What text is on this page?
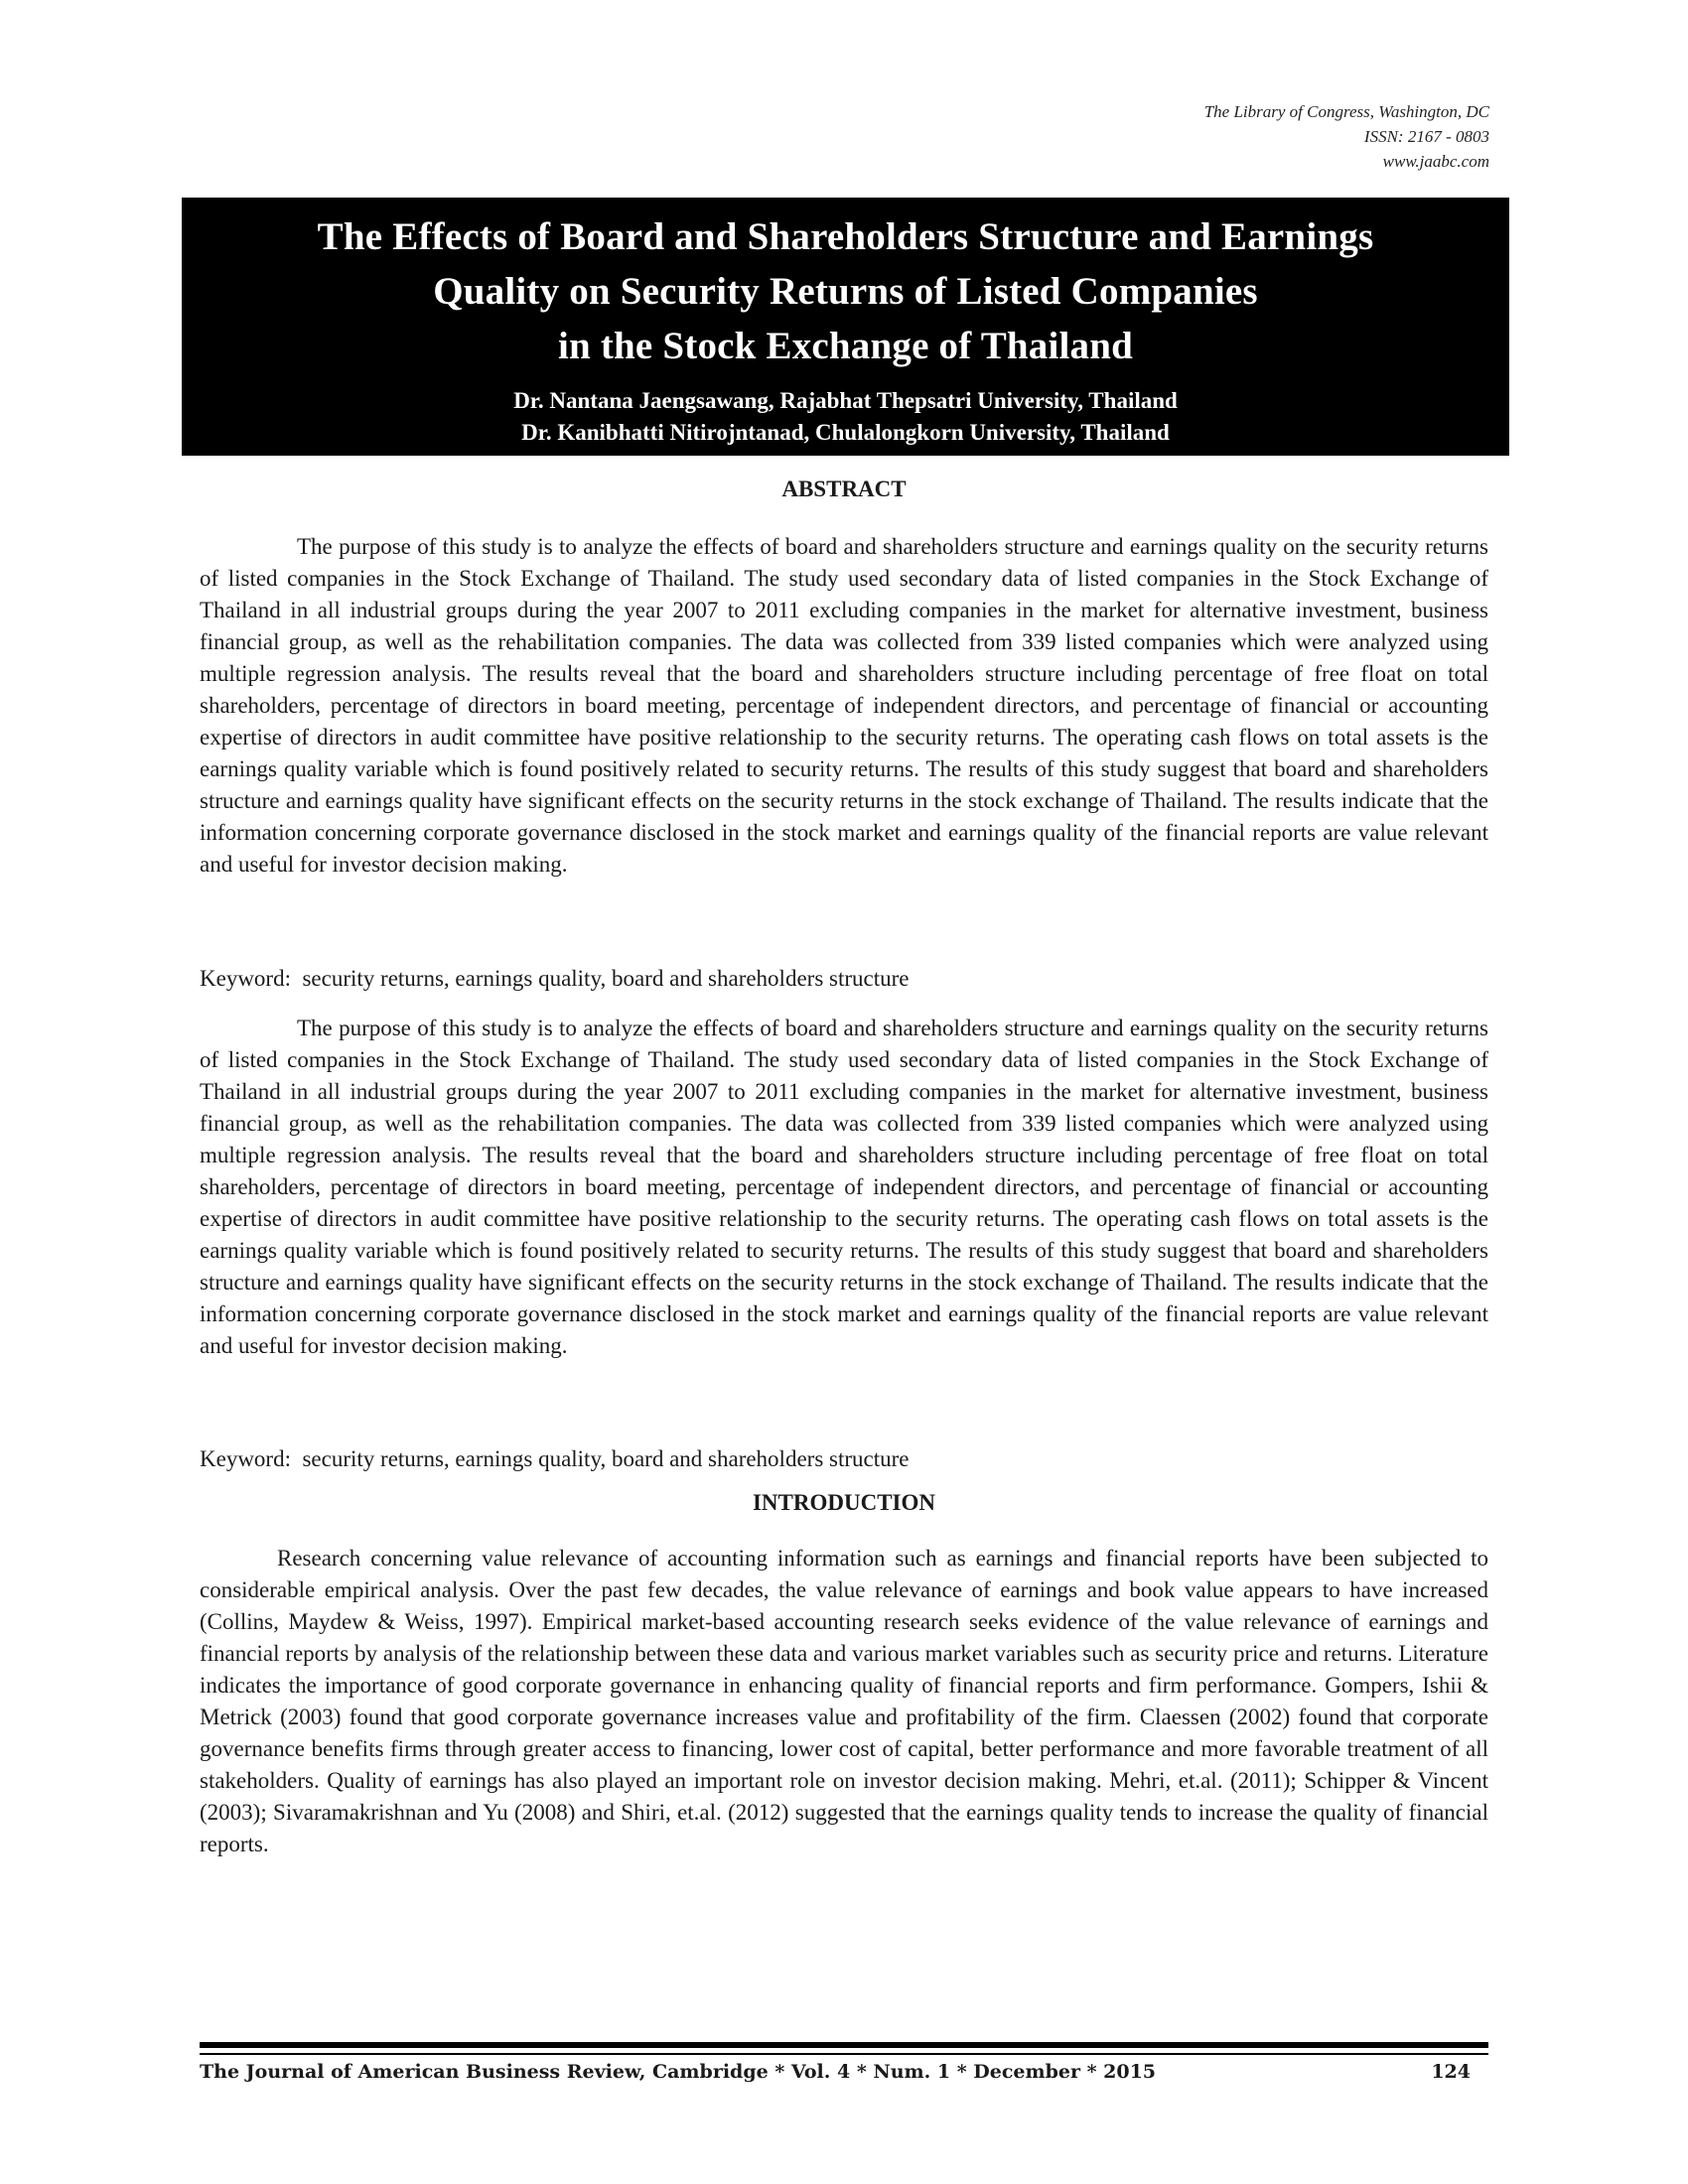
The Library of Congress, Washington, DC
ISSN: 2167 - 0803
www.jaabc.com
The Effects of Board and Shareholders Structure and Earnings
Quality on Security Returns of Listed Companies
in the Stock Exchange of Thailand
Dr. Nantana Jaengsawang, Rajabhat Thepsatri University, Thailand
Dr. Kanibhatti Nitirojntanad, Chulalongkorn University, Thailand
ABSTRACT

The purpose of this study is to analyze the effects of board and shareholders structure and earnings quality on the security returns of listed companies in the Stock Exchange of Thailand. The study used secondary data of listed companies in the Stock Exchange of Thailand in all industrial groups during the year 2007 to 2011 excluding companies in the market for alternative investment, business financial group, as well as the rehabilitation companies. The data was collected from 339 listed companies which were analyzed using multiple regression analysis. The results reveal that the board and shareholders structure including percentage of free float on total shareholders, percentage of directors in board meeting, percentage of independent directors, and percentage of financial or accounting expertise of directors in audit committee have positive relationship to the security returns. The operating cash flows on total assets is the earnings quality variable which is found positively related to security returns. The results of this study suggest that board and shareholders structure and earnings quality have significant effects on the security returns in the stock exchange of Thailand. The results indicate that the information concerning corporate governance disclosed in the stock market and earnings quality of the financial reports are value relevant and useful for investor decision making.

Keyword:  security returns, earnings quality, board and shareholders structure

The purpose of this study is to analyze the effects of board and shareholders structure and earnings quality on the security returns of listed companies in the Stock Exchange of Thailand. The study used secondary data of listed companies in the Stock Exchange of Thailand in all industrial groups during the year 2007 to 2011 excluding companies in the market for alternative investment, business financial group, as well as the rehabilitation companies. The data was collected from 339 listed companies which were analyzed using multiple regression analysis. The results reveal that the board and shareholders structure including percentage of free float on total shareholders, percentage of directors in board meeting, percentage of independent directors, and percentage of financial or accounting expertise of directors in audit committee have positive relationship to the security returns. The operating cash flows on total assets is the earnings quality variable which is found positively related to security returns. The results of this study suggest that board and shareholders structure and earnings quality have significant effects on the security returns in the stock exchange of Thailand. The results indicate that the information concerning corporate governance disclosed in the stock market and earnings quality of the financial reports are value relevant and useful for investor decision making.

Keyword:  security returns, earnings quality, board and shareholders structure

INTRODUCTION

Research concerning value relevance of accounting information such as earnings and financial reports have been subjected to considerable empirical analysis. Over the past few decades, the value relevance of earnings and book value appears to have increased (Collins, Maydew & Weiss, 1997). Empirical market-based accounting research seeks evidence of the value relevance of earnings and financial reports by analysis of the relationship between these data and various market variables such as security price and returns. Literature indicates the importance of good corporate governance in enhancing quality of financial reports and firm performance. Gompers, Ishii & Metrick (2003) found that good corporate governance increases value and profitability of the firm. Claessen (2002) found that corporate governance benefits firms through greater access to financing, lower cost of capital, better performance and more favorable treatment of all stakeholders. Quality of earnings has also played an important role on investor decision making. Mehri, et.al. (2011); Schipper & Vincent (2003); Sivaramakrishnan and Yu (2008) and Shiri, et.al. (2012) suggested that the earnings quality tends to increase the quality of financial reports.

The Journal of American Business Review, Cambridge * Vol. 4 * Num. 1 * December * 2015	124
